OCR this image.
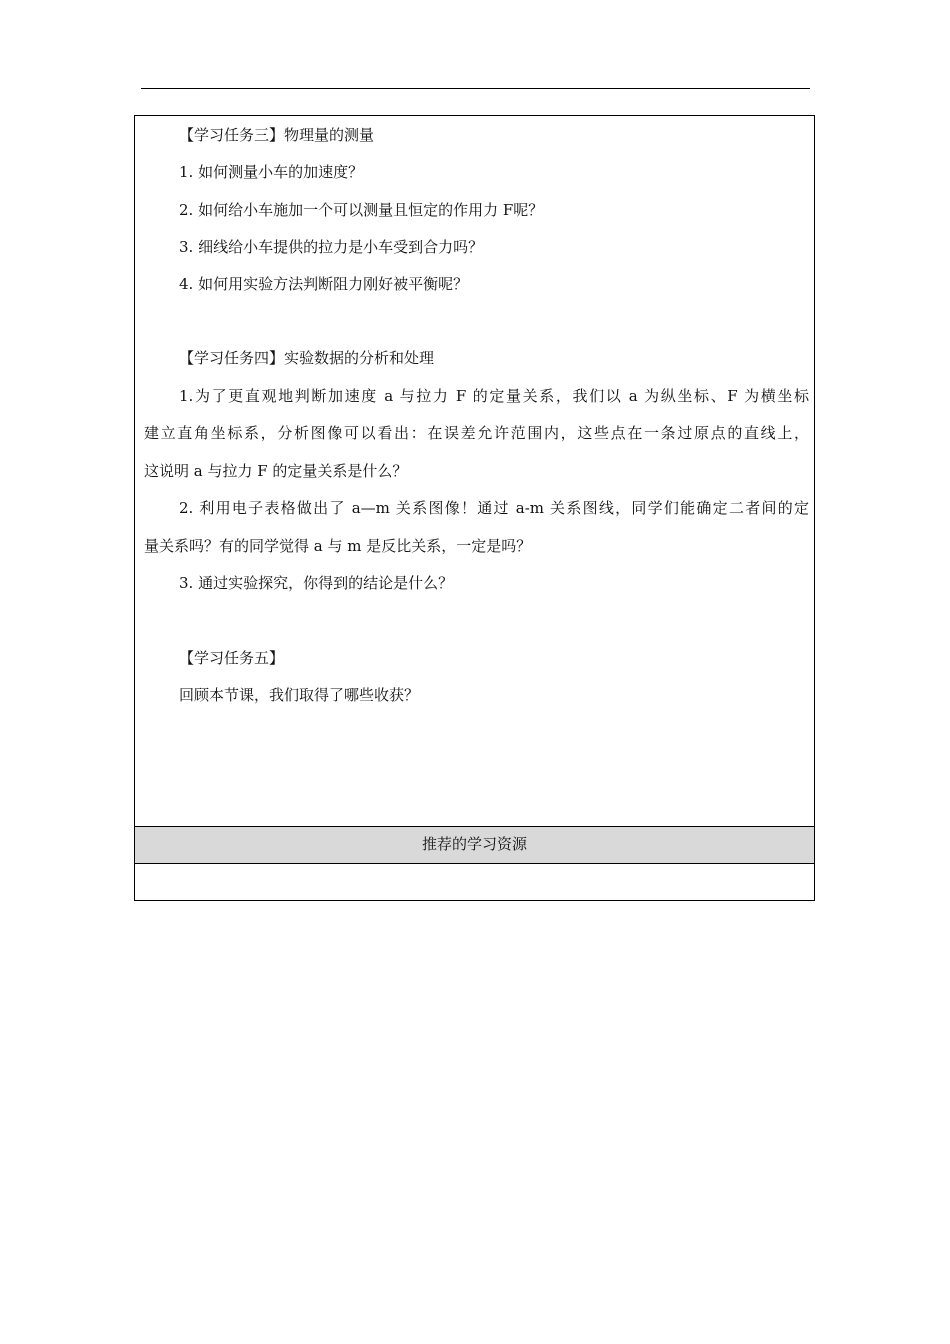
【学习任务三】物理量的测量
1. 如何测量小车的加速度？
2. 如何给小车施加一个可以测量且恒定的作用力 F呢？
3. 细线给小车提供的拉力是小车受到合力吗？
4. 如何用实验方法判断阻力刚好被平衡呢？
【学习任务四】实验数据的分析和处理
1.为了更直观地判断加速度 a 与拉力 F 的定量关系，我们以 a 为纵坐标、F 为横坐标
建立直角坐标系，分析图像可以看出：在误差允许范围内，这些点在一条过原点的直线上，
这说明 a 与拉力 F 的定量关系是什么？
2. 利用电子表格做出了 a—m 关系图像！通过 a-m 关系图线，同学们能确定二者间的定
量关系吗？有的同学觉得 a 与 m 是反比关系，一定是吗？
3. 通过实验探究，你得到的结论是什么？
【学习任务五】
回顾本节课，我们取得了哪些收获？
推荐的学习资源
